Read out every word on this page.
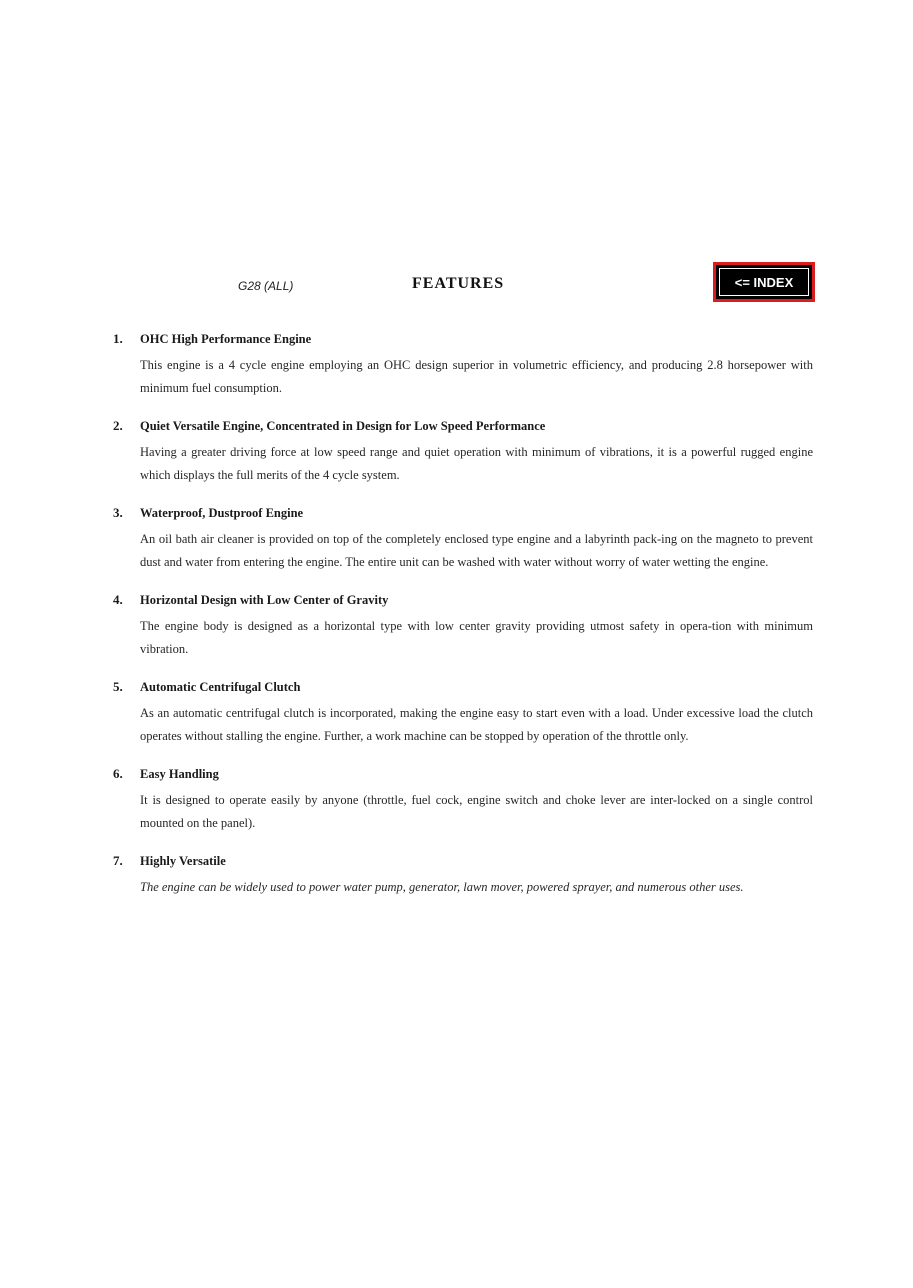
G28 (ALL)	FEATURES	<= INDEX
1. OHC High Performance Engine
This engine is a 4 cycle engine employing an OHC design superior in volumetric efficiency, and producing 2.8 horsepower with minimum fuel consumption.
2. Quiet Versatile Engine, Concentrated in Design for Low Speed Performance
Having a greater driving force at low speed range and quiet operation with minimum of vibrations, it is a powerful rugged engine which displays the full merits of the 4 cycle system.
3. Waterproof, Dustproof Engine
An oil bath air cleaner is provided on top of the completely enclosed type engine and a labyrinth pack-ing on the magneto to prevent dust and water from entering the engine. The entire unit can be washed with water without worry of water wetting the engine.
4. Horizontal Design with Low Center of Gravity
The engine body is designed as a horizontal type with low center gravity providing utmost safety in opera-tion with minimum vibration.
5. Automatic Centrifugal Clutch
As an automatic centrifugal clutch is incorporated, making the engine easy to start even with a load. Under excessive load the clutch operates without stalling the engine. Further, a work machine can be stopped by operation of the throttle only.
6. Easy Handling
It is designed to operate easily by anyone (throttle, fuel cock, engine switch and choke lever are inter-locked on a single control mounted on the panel).
7. Highly Versatile
The engine can be widely used to power water pump, generator, lawn mover, powered sprayer, and numerous other uses.
